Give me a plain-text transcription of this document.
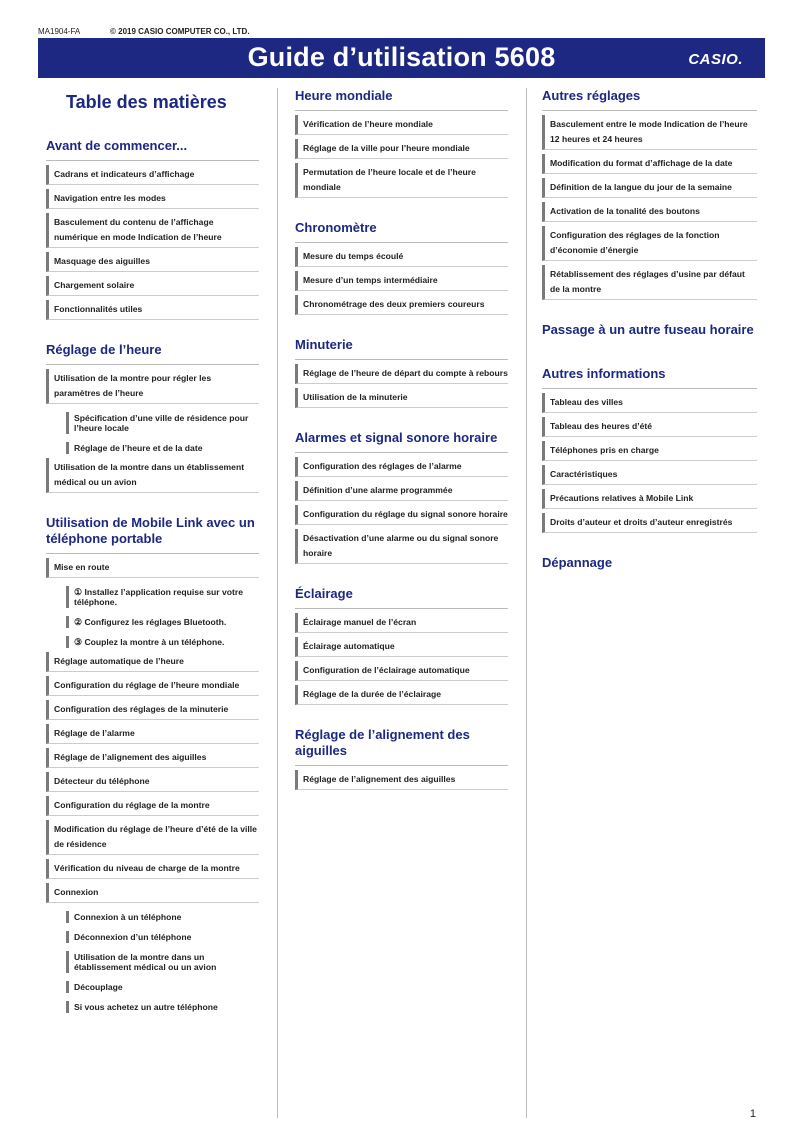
MA1904-FA	© 2019 CASIO COMPUTER CO., LTD.
Guide d’utilisation 5608	CASIO.
Table des matières
Avant de commencer...
Cadrans et indicateurs d’affichage
Navigation entre les modes
Basculement du contenu de l’affichage numérique en mode Indication de l’heure
Masquage des aiguilles
Chargement solaire
Fonctionnalités utiles
Réglage de l’heure
Utilisation de la montre pour régler les paramètres de l’heure
Spécification d’une ville de résidence pour l’heure locale
Réglage de l’heure et de la date
Utilisation de la montre dans un établissement médical ou un avion
Utilisation de Mobile Link avec un téléphone portable
Mise en route
① Installez l’application requise sur votre téléphone.
② Configurez les réglages Bluetooth.
③ Couplez la montre à un téléphone.
Réglage automatique de l’heure
Configuration du réglage de l’heure mondiale
Configuration des réglages de la minuterie
Réglage de l’alarme
Réglage de l’alignement des aiguilles
Détecteur du téléphone
Configuration du réglage de la montre
Modification du réglage de l’heure d’été de la ville de résidence
Vérification du niveau de charge de la montre
Connexion
Connexion à un téléphone
Déconnexion d’un téléphone
Utilisation de la montre dans un établissement médical ou un avion
Découplage
Si vous achetez un autre téléphone
Heure mondiale
Vérification de l’heure mondiale
Réglage de la ville pour l’heure mondiale
Permutation de l’heure locale et de l’heure mondiale
Chronomètre
Mesure du temps écoulé
Mesure d’un temps intermédiaire
Chronométrage des deux premiers coureurs
Minuterie
Réglage de l’heure de départ du compte à rebours
Utilisation de la minuterie
Alarmes et signal sonore horaire
Configuration des réglages de l’alarme
Définition d’une alarme programmée
Configuration du réglage du signal sonore horaire
Désactivation d’une alarme ou du signal sonore horaire
Éclairage
Éclairage manuel de l’écran
Éclairage automatique
Configuration de l’éclairage automatique
Réglage de la durée de l’éclairage
Réglage de l’alignement des aiguilles
Réglage de l’alignement des aiguilles
Autres réglages
Basculement entre le mode Indication de l’heure 12 heures et 24 heures
Modification du format d’affichage de la date
Définition de la langue du jour de la semaine
Activation de la tonalité des boutons
Configuration des réglages de la fonction d’économie d’énergie
Rétablissement des réglages d’usine par défaut de la montre
Passage à un autre fuseau horaire
Autres informations
Tableau des villes
Tableau des heures d’été
Téléphones pris en charge
Caractéristiques
Précautions relatives à Mobile Link
Droits d’auteur et droits d’auteur enregistrés
Dépannage
1
